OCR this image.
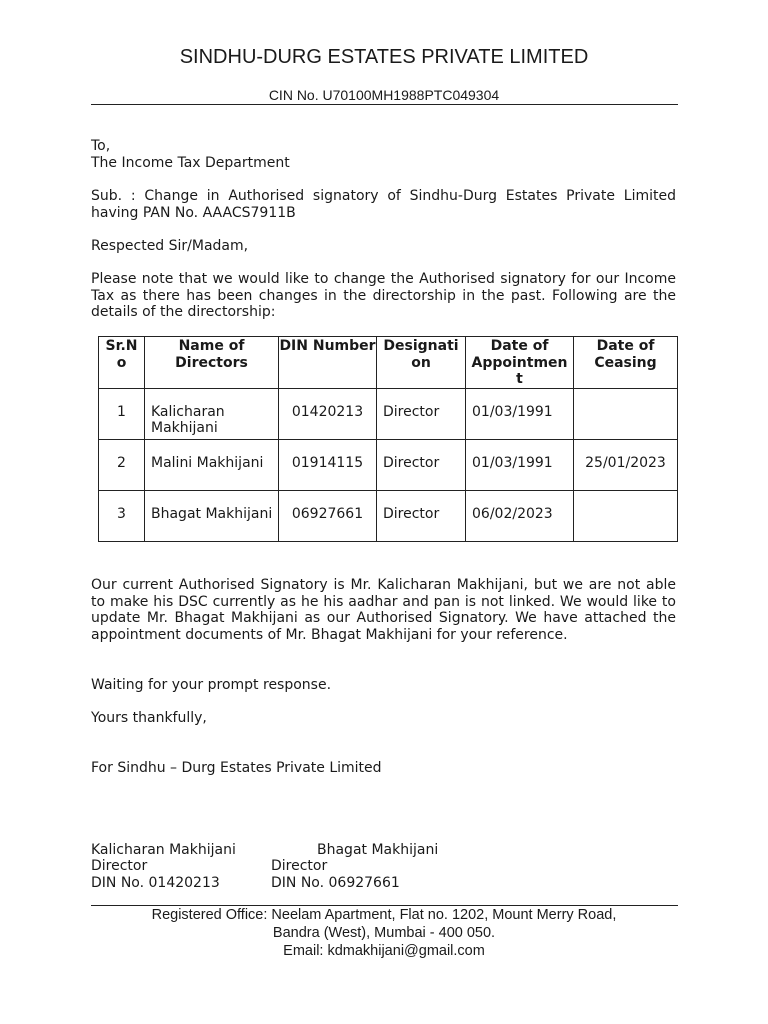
SINDHU-DURG ESTATES PRIVATE LIMITED
CIN No. U70100MH1988PTC049304
To,
The Income Tax Department
Sub. : Change in Authorised signatory of Sindhu-Durg Estates Private Limited having PAN No. AAACS7911B
Respected Sir/Madam,
Please note that we would like to change the Authorised signatory for our Income Tax as there has been changes in the directorship in the past. Following are the details of the directorship:
Sr.N o	Name of Directors	DIN Number	Designati on	Date of Appointmen t	Date of Ceasing
1	Kalicharan Makhijani	01420213	Director	01/03/1991	
2	Malini Makhijani	01914115	Director	01/03/1991	25/01/2023
3	Bhagat Makhijani	06927661	Director	06/02/2023	
Our current Authorised Signatory is Mr. Kalicharan Makhijani, but we are not able to make his DSC currently as he his aadhar and pan is not linked. We would like to update Mr. Bhagat Makhijani as our Authorised Signatory. We have attached the appointment documents of Mr. Bhagat Makhijani for your reference.
Waiting for your prompt response.
Yours thankfully,
For Sindhu – Durg Estates Private Limited
Kalicharan Makhijani
Director
DIN No. 01420213
Bhagat Makhijani
Director
DIN No. 06927661
Registered Office: Neelam Apartment, Flat no. 1202, Mount Merry Road,
Bandra (West), Mumbai - 400 050.
Email: kdmakhijani@gmail.com
